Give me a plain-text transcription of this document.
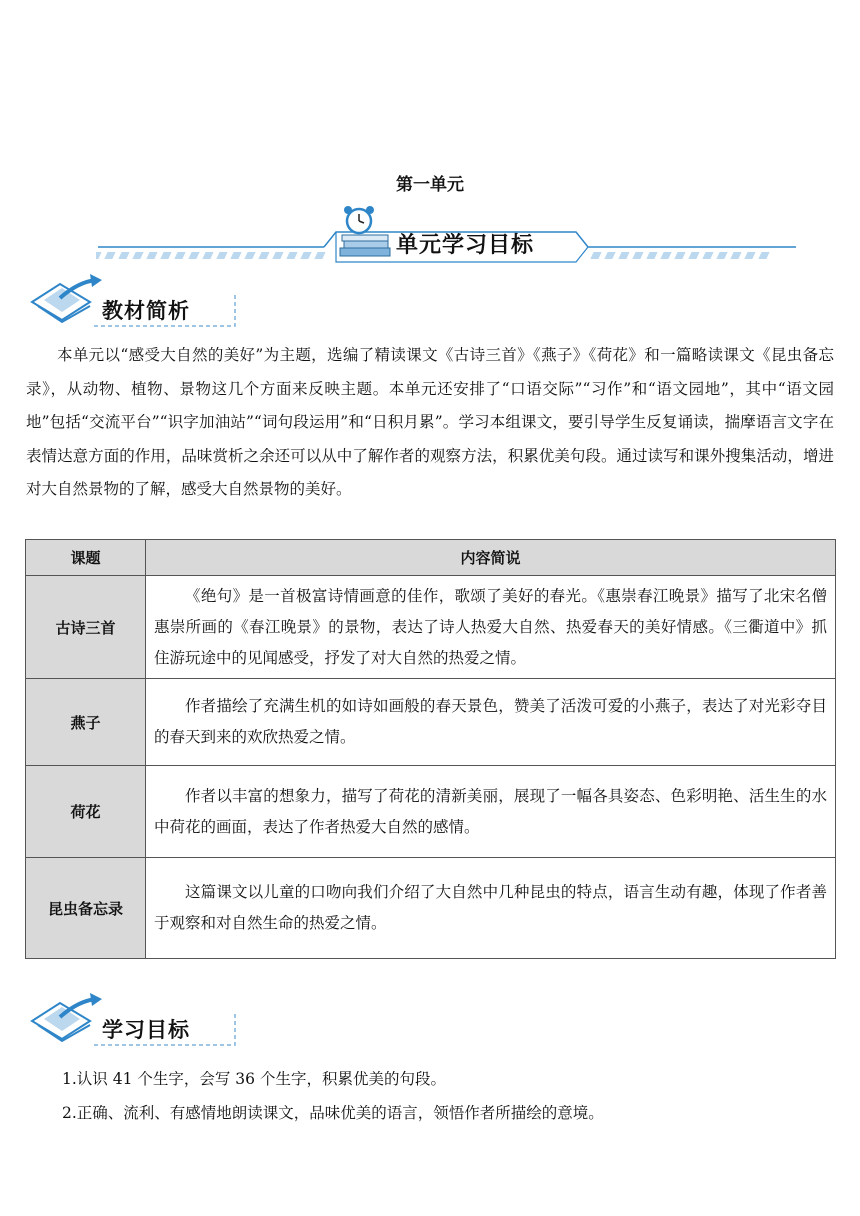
第一单元
单元学习目标
教材简析
本单元以“感受大自然的美好”为主题，选编了精读课文《古诗三首》《燕子》《荷花》和一篇略读课文《昆虫备忘录》，从动物、植物、景物这几个方面来反映主题。本单元还安排了“口语交际”“习作”和“语文园地”，其中“语文园地”包括“交流平台”“识字加油站”“词句段运用”和“日积月累”。学习本组课文，要引导学生反复诵读，揣摩语言文字在表情达意方面的作用，品味赏析之余还可以从中了解作者的观察方法，积累优美句段。通过读写和课外搜集活动，增进对大自然景物的了解，感受大自然景物的美好。
课题	内容简说
古诗三首	《绝句》是一首极富诗情画意的佳作，歌颂了美好的春光。《惠崇春江晚景》描写了北宋名僧惠崇所画的《春江晚景》的景物，表达了诗人热爱大自然、热爱春天的美好情感。《三衢道中》抓住游玩途中的见闻感受，抒发了对大自然的热爱之情。
燕子	作者描绘了充满生机的如诗如画般的春天景色，赞美了活泼可爱的小燕子，表达了对光彩夺目的春天到来的欢欣热爱之情。
荷花	作者以丰富的想象力，描写了荷花的清新美丽，展现了一幅各具姿态、色彩明艳、活生生的水中荷花的画面，表达了作者热爱大自然的感情。
昆虫备忘录	这篇课文以儿童的口吻向我们介绍了大自然中几种昆虫的特点，语言生动有趣，体现了作者善于观察和对自然生命的热爱之情。
学习目标
1.认识 41 个生字，会写 36 个生字，积累优美的句段。
2.正确、流利、有感情地朗读课文，品味优美的语言，领悟作者所描绘的意境。
